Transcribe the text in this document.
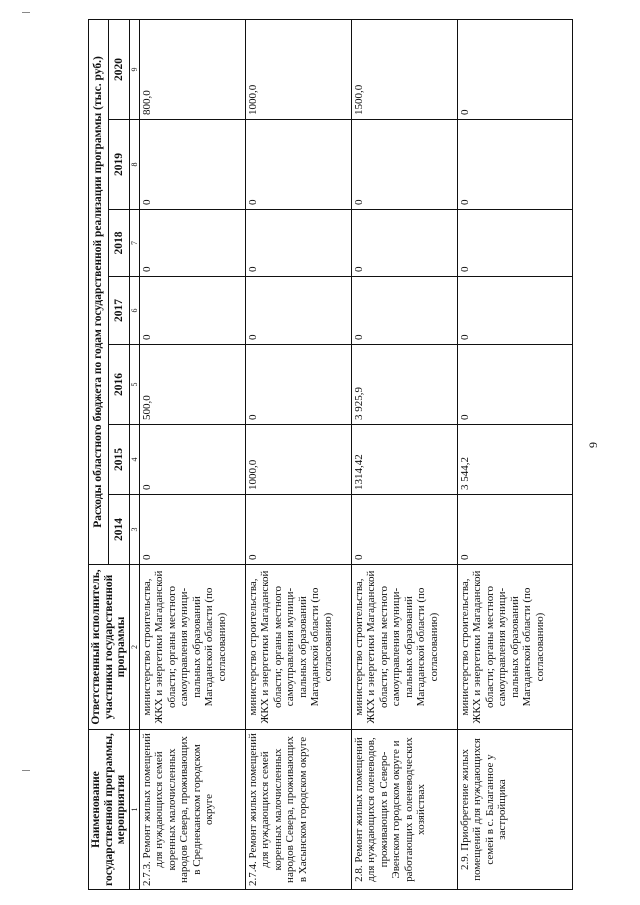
9
Наименование государственной программы, мероприятия	Ответственный исполнитель, участники государственной программы	Расходы областного бюджета по годам государственной реализации программы (тыс. руб.)						
		2014	2015	2016	2017	2018	2019	2020
1	2	3	4	5	6	7	8	9
2.7.3. Ремонт жилых помещений для нуждающихся семей коренных малочисленных народов Севера, проживающих в Среднеканском городском округе	министерство строительства, ЖКХ и энергетики Магаданской области; органы местного самоуправления муници-пальных образований Магаданской области (по согласованию)	0	0	500,0	0	0	0	800,0
2.7.4. Ремонт жилых помещений для нуждающихся семей коренных малочисленных народов Севера, проживающих в Хасынском городском округе	министерство строительства, ЖКХ и энергетики Магаданской области; органы местного самоуправления муници-пальных образований Магаданской области (по согласованию)	0	1000,0	0	0	0	0	1000,0
2.8. Ремонт жилых помещений для нуждающихся оленеводов, проживающих в Северо-Эвенском городском округе и работающих в оленеводческих хозяйствах	министерство строительства, ЖКХ и энергетики Магаданской области; органы местного самоуправления муници-пальных образований Магаданской области (по согласованию)	0	1314,42	3 925,9	0	0	0	1500,0
2.9. Приобретение жилых помещений для нуждающихся семей в с. Балаганное у застройщика	министерство строительства, ЖКХ и энергетики Магаданской области; органы местного самоуправления муници-пальных образований Магаданской области (по согласованию)	0	3 544,2	0	0	0	0	0
